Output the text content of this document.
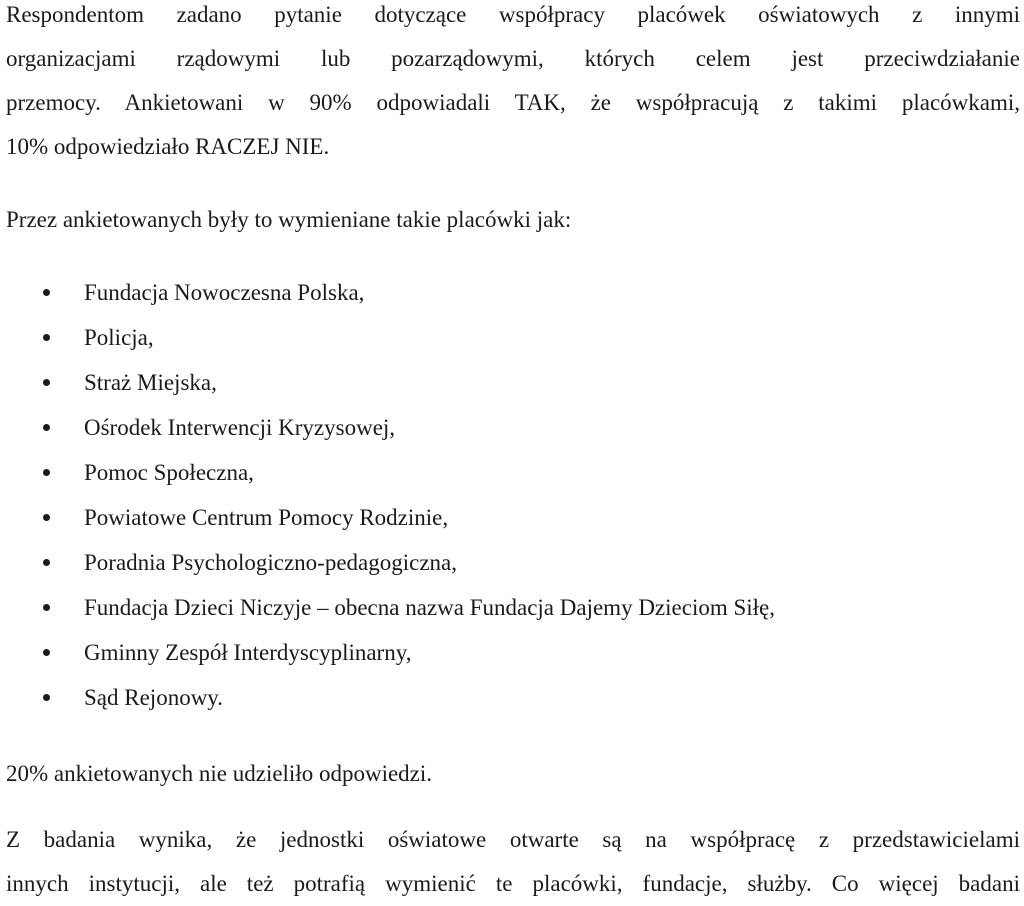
Respondentom zadano pytanie dotyczące współpracy placówek oświatowych z innymi
organizacjami rządowymi lub pozarządowymi, których celem jest przeciwdziałanie
przemocy. Ankietowani w 90% odpowiadali TAK, że współpracują z takimi placówkami,
10% odpowiedziało RACZEJ NIE.

Przez ankietowanych były to wymieniane takie placówki jak:

Fundacja Nowoczesna Polska,
Policja,
Straż Miejska,
Ośrodek Interwencji Kryzysowej,
Pomoc Społeczna,
Powiatowe Centrum Pomocy Rodzinie,
Poradnia Psychologiczno-pedagogiczna,
Fundacja Dzieci Niczyje – obecna nazwa Fundacja Dajemy Dzieciom Siłę,
Gminny Zespół Interdyscyplinarny,
Sąd Rejonowy.

20% ankietowanych nie udzieliło odpowiedzi.

Z badania wynika, że jednostki oświatowe otwarte są na współpracę z przedstawicielami
innych instytucji, ale też potrafią wymienić te placówki, fundacje, służby. Co więcej badani
